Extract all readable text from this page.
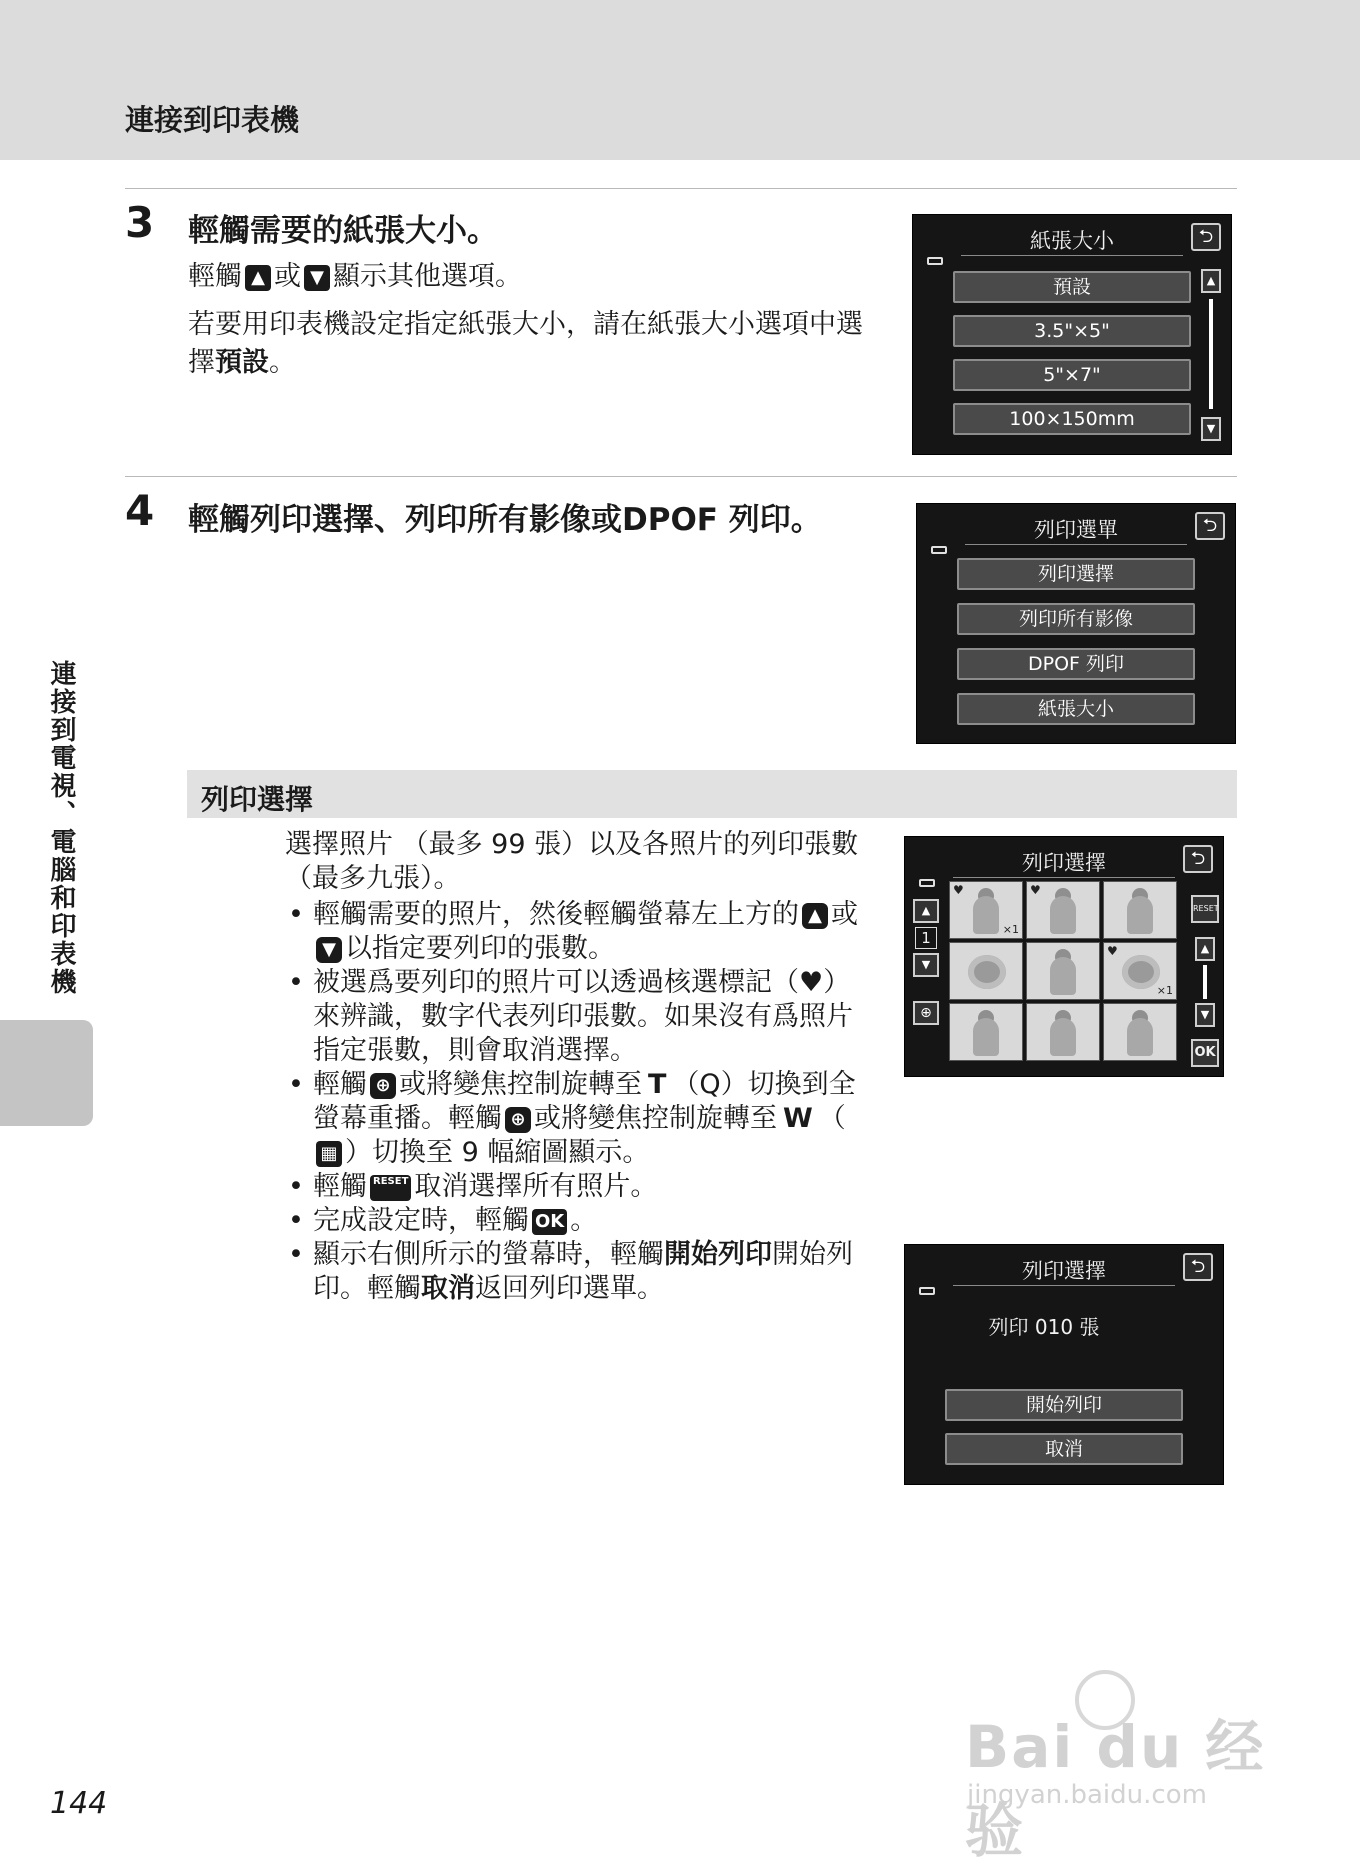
連接到印表機
連接到電視、電腦和印表機
3 輕觸需要的紙張大小。
輕觸 ▲ 或 ▼ 顯示其他選項。
若要用印表機設定指定紙張大小，請在紙張大小選項中選擇預設。
紙張大小	⮌
預設
3.5"×5"
5"×7"
100×150mm
▲
▼
4 輕觸列印選擇、列印所有影像或DPOF 列印。	列印選單	⮌
列印選擇
列印所有影像
DPOF 列印
紙張大小
列印選擇
選擇照片 （最多 99 張）以及各照片的列印張數 （最多九張）。
• 輕觸需要的照片，然後輕觸螢幕左上方的 ▲ 或▼ 以指定要列印的張數。
• 被選爲要列印的照片可以透過核選標記（♥）來辨識，數字代表列印張數。如果沒有爲照片指定張數，則會取消選擇。
• 輕觸 ⊕ 或將變焦控制旋轉至 T （Q）切換到全螢幕重播。輕觸 ⊕ 或將變焦控制旋轉至 W （▦ ）切換至 9 幅縮圖顯示。
• 輕觸 RESET 取消選擇所有照片。
• 完成設定時，輕觸 OK 。
• 顯示右側所示的螢幕時，輕觸開始列印開始列印。輕觸取消返回列印選單。
列印選擇	⮌
▲
1
▼
⊕
♥
×1
♥
♥
×1
RESET
▲
▼
OK
列印選擇	⮌
列印 010 張
開始列印
取消
144
Bai du 经验
jingyan.baidu.com
